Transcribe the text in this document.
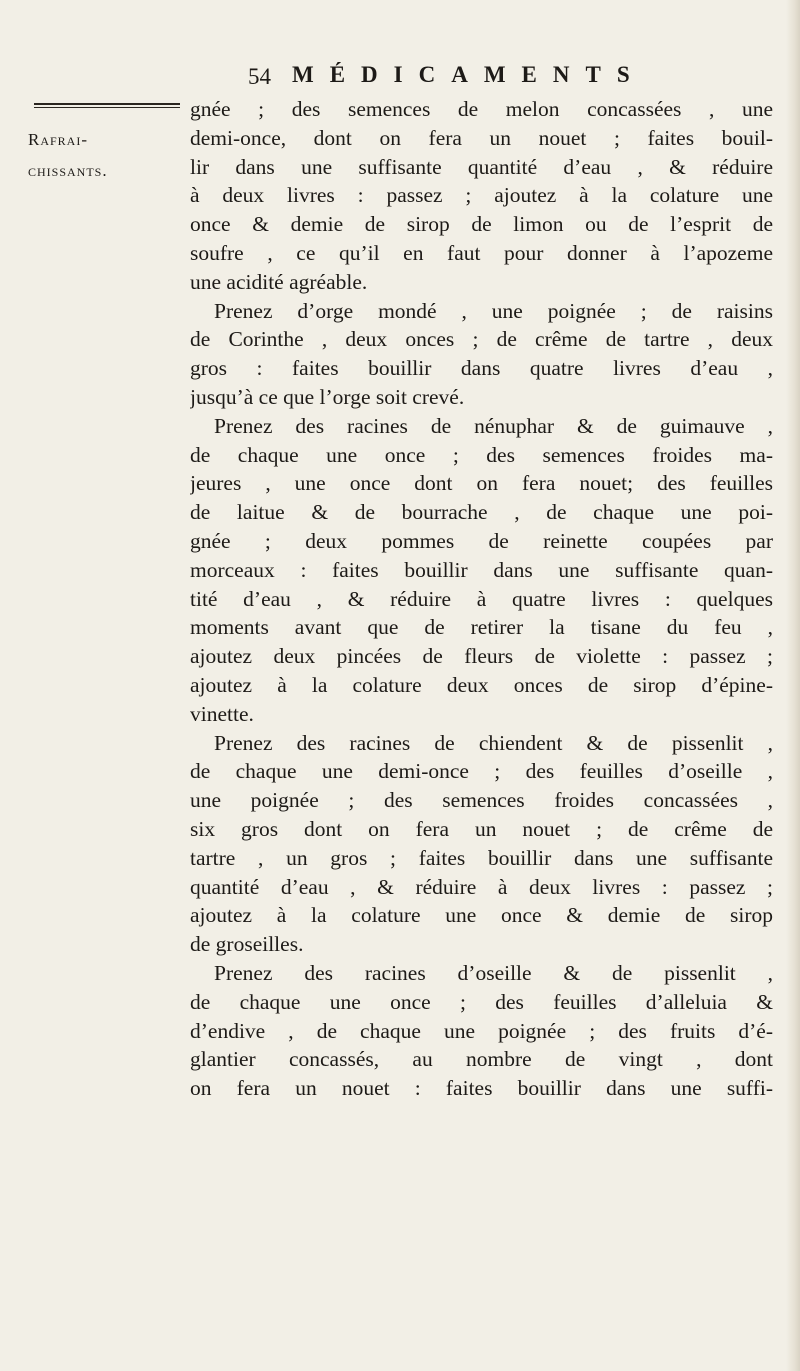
54 MÉDICAMENTS
Rafrai-
chissants.
gnée ; des semences de melon concassées , une
demi-once, dont on fera un nouet ; faites bouil-
lir dans une suffisante quantité d’eau , & réduire
à deux livres : passez ; ajoutez à la colature une
once & demie de sirop de limon ou de l’esprit de
soufre , ce qu’il en faut pour donner à l’apozeme
une acidité agréable.
Prenez d’orge mondé , une poignée ; de raisins
de Corinthe , deux onces ; de crême de tartre , deux
gros : faites bouillir dans quatre livres d’eau ,
jusqu’à ce que l’orge soit crevé.
Prenez des racines de nénuphar & de guimauve ,
de chaque une once ; des semences froides ma-
jeures , une once dont on fera nouet; des feuilles
de laitue & de bourrache , de chaque une poi-
gnée ; deux pommes de reinette coupées par
morceaux : faites bouillir dans une suffisante quan-
tité d’eau , & réduire à quatre livres : quelques
moments avant que de retirer la tisane du feu ,
ajoutez deux pincées de fleurs de violette : passez ;
ajoutez à la colature deux onces de sirop d’épine-
vinette.
Prenez des racines de chiendent & de pissenlit ,
de chaque une demi-once ; des feuilles d’oseille ,
une poignée ; des semences froides concassées ,
six gros dont on fera un nouet ; de crême de
tartre , un gros ; faites bouillir dans une suffisante
quantité d’eau , & réduire à deux livres : passez ;
ajoutez à la colature une once & demie de sirop
de groseilles.
Prenez des racines d’oseille & de pissenlit ,
de chaque une once ; des feuilles d’alleluia &
d’endive , de chaque une poignée ; des fruits d’é-
glantier concassés, au nombre de vingt , dont
on fera un nouet : faites bouillir dans une suffi-
